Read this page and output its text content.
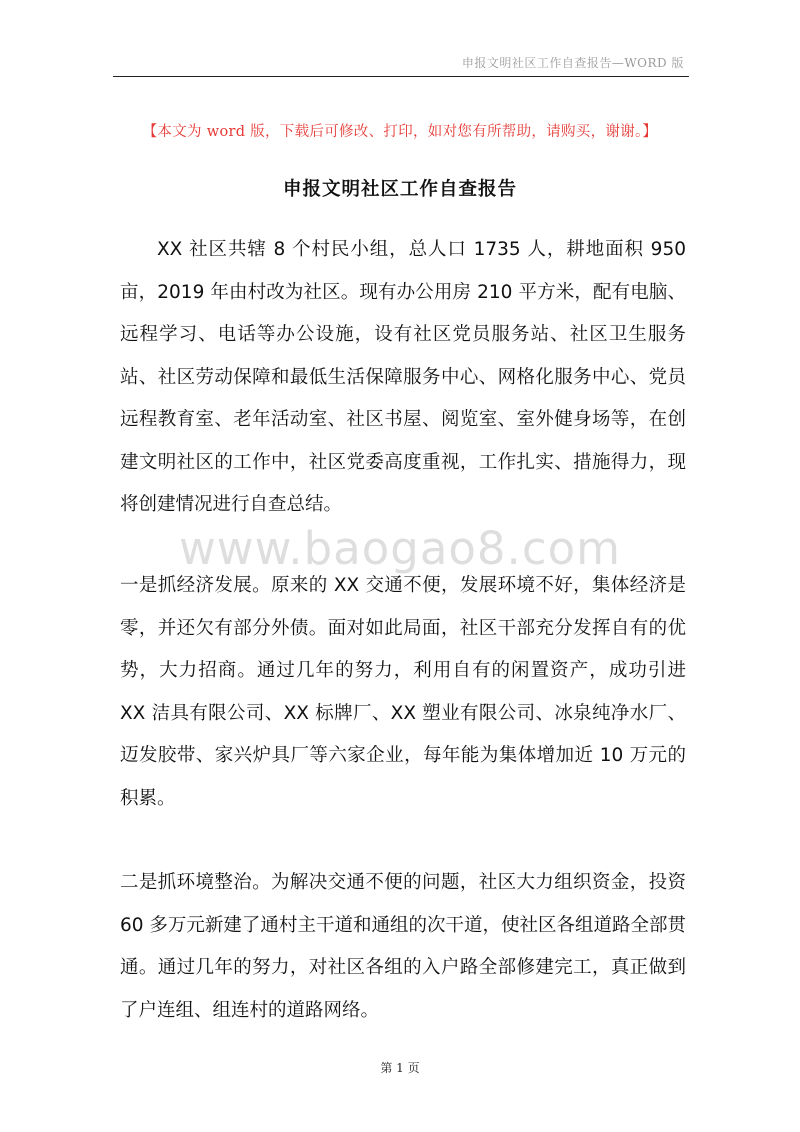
申报文明社区工作自查报告—WORD 版
【本文为 word 版，下载后可修改、打印，如对您有所帮助，请购买，谢谢。】
申报文明社区工作自查报告

XX 社区共辖 8 个村民小组，总人口 1735 人，耕地面积 950 亩，2019 年由村改为社区。现有办公用房 210 平方米，配有电脑、远程学习、电话等办公设施，设有社区党员服务站、社区卫生服务站、社区劳动保障和最低生活保障服务中心、网格化服务中心、党员远程教育室、老年活动室、社区书屋、阅览室、室外健身场等，在创建文明社区的工作中，社区党委高度重视，工作扎实、措施得力，现将创建情况进行自查总结。

www.baogao8.com

一是抓经济发展。原来的 XX 交通不便，发展环境不好，集体经济是零，并还欠有部分外债。面对如此局面，社区干部充分发挥自有的优势，大力招商。通过几年的努力，利用自有的闲置资产，成功引进 XX 洁具有限公司、XX 标牌厂、XX 塑业有限公司、冰泉纯净水厂、迈发胶带、家兴炉具厂等六家企业，每年能为集体增加近 10 万元的积累。

二是抓环境整治。为解决交通不便的问题，社区大力组织资金，投资 60 多万元新建了通村主干道和通组的次干道，使社区各组道路全部贯通。通过几年的努力，对社区各组的入户路全部修建完工，真正做到了户连组、组连村的道路网络。

第 1 页
